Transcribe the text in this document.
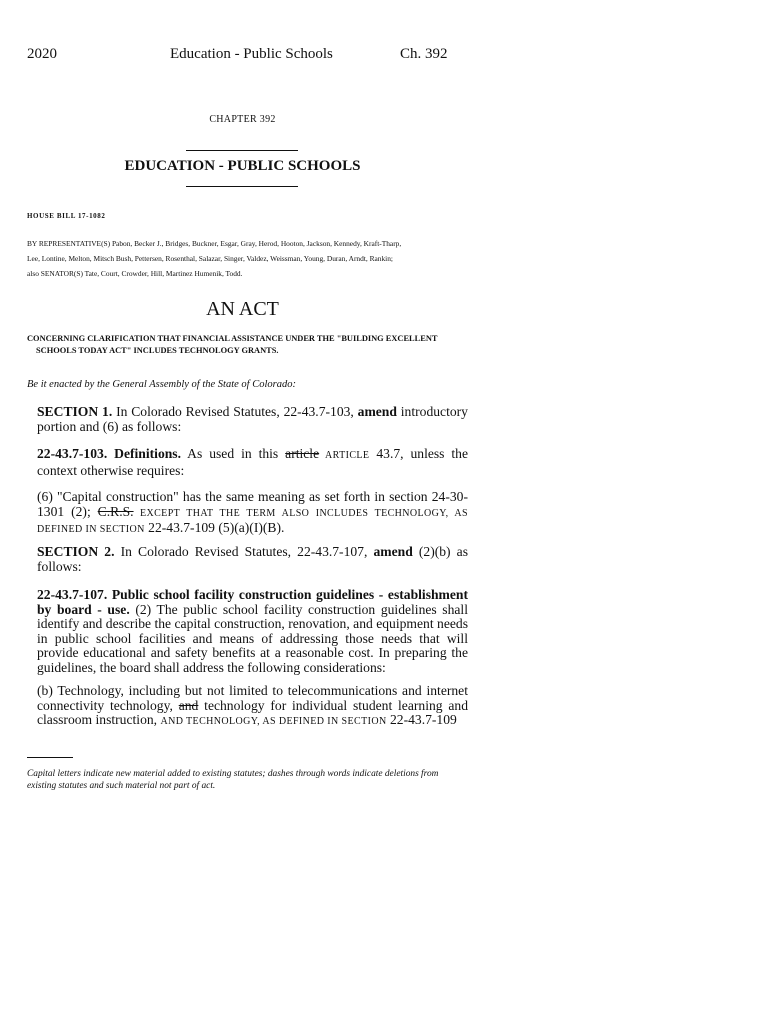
2020	Education - Public Schools	Ch. 392
CHAPTER 392
EDUCATION - PUBLIC SCHOOLS
HOUSE BILL 17-1082
BY REPRESENTATIVE(S) Pabon, Becker J., Bridges, Buckner, Esgar, Gray, Herod, Hooton, Jackson, Kennedy, Kraft-Tharp,
Lee, Lontine, Melton, Mitsch Bush, Pettersen, Rosenthal, Salazar, Singer, Valdez, Weissman, Young, Duran, Arndt, Rankin;
also SENATOR(S) Tate, Court, Crowder, Hill, Martinez Humenik, Todd.
AN ACT
CONCERNING CLARIFICATION THAT FINANCIAL ASSISTANCE UNDER THE "BUILDING EXCELLENT
SCHOOLS TODAY ACT" INCLUDES TECHNOLOGY GRANTS.
Be it enacted by the General Assembly of the State of Colorado:
SECTION 1. In Colorado Revised Statutes, 22-43.7-103, amend introductory portion and (6) as follows:
22-43.7-103. Definitions. As used in this article ARTICLE 43.7, unless the context otherwise requires:
(6) "Capital construction" has the same meaning as set forth in section 24-30-1301 (2); C.R.S. EXCEPT THAT THE TERM ALSO INCLUDES TECHNOLOGY, AS DEFINED IN SECTION 22-43.7-109 (5)(a)(I)(B).
SECTION 2. In Colorado Revised Statutes, 22-43.7-107, amend (2)(b) as follows:
22-43.7-107. Public school facility construction guidelines - establishment by board - use. (2) The public school facility construction guidelines shall identify and describe the capital construction, renovation, and equipment needs in public school facilities and means of addressing those needs that will provide educational and safety benefits at a reasonable cost. In preparing the guidelines, the board shall address the following considerations:
(b) Technology, including but not limited to telecommunications and internet connectivity technology, and technology for individual student learning and classroom instruction, AND TECHNOLOGY, AS DEFINED IN SECTION 22-43.7-109
Capital letters indicate new material added to existing statutes; dashes through words indicate deletions from existing statutes and such material not part of act.
